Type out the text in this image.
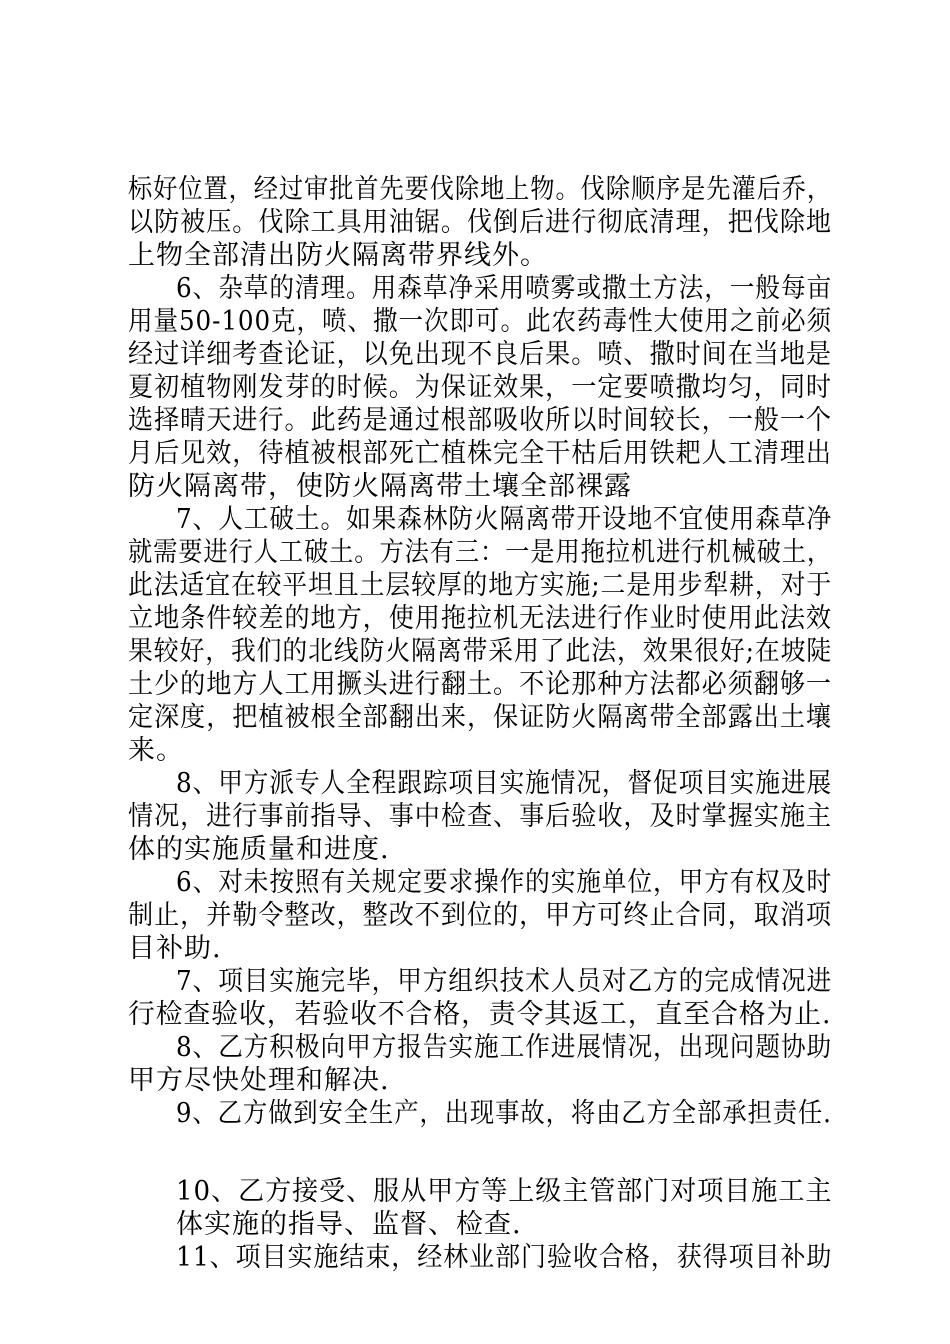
标好位置，经过审批首先要伐除地上物。伐除顺序是先灌后乔，
以防被压。伐除工具用油锯。伐倒后进行彻底清理，把伐除地
上物全部清出防火隔离带界线外。
6、杂草的清理。用森草净采用喷雾或撒土方法，一般每亩
用量50-100克，喷、撒一次即可。此农药毒性大使用之前必须
经过详细考查论证，以免出现不良后果。喷、撒时间在当地是
夏初植物刚发芽的时候。为保证效果，一定要喷撒均匀，同时
选择晴天进行。此药是通过根部吸收所以时间较长，一般一个
月后见效，待植被根部死亡植株完全干枯后用铁耙人工清理出
防火隔离带，使防火隔离带土壤全部裸露
7、人工破土。如果森林防火隔离带开设地不宜使用森草净
就需要进行人工破土。方法有三：一是用拖拉机进行机械破土，
此法适宜在较平坦且土层较厚的地方实施;二是用步犁耕，对于
立地条件较差的地方，使用拖拉机无法进行作业时使用此法效
果较好，我们的北线防火隔离带采用了此法，效果很好;在坡陡
土少的地方人工用撅头进行翻土。不论那种方法都必须翻够一
定深度，把植被根全部翻出来，保证防火隔离带全部露出土壤
来。
8、甲方派专人全程跟踪项目实施情况，督促项目实施进展
情况，进行事前指导、事中检查、事后验收，及时掌握实施主
体的实施质量和进度.
6、对未按照有关规定要求操作的实施单位，甲方有权及时
制止，并勒令整改，整改不到位的，甲方可终止合同，取消项
目补助.
7、项目实施完毕，甲方组织技术人员对乙方的完成情况进
行检查验收，若验收不合格，责令其返工，直至合格为止.
8、乙方积极向甲方报告实施工作进展情况，出现问题协助
甲方尽快处理和解决.
9、乙方做到安全生产，出现事故，将由乙方全部承担责任.
10、乙方接受、服从甲方等上级主管部门对项目施工主
体实施的指导、监督、检查.
11、项目实施结束，经林业部门验收合格，获得项目补助
